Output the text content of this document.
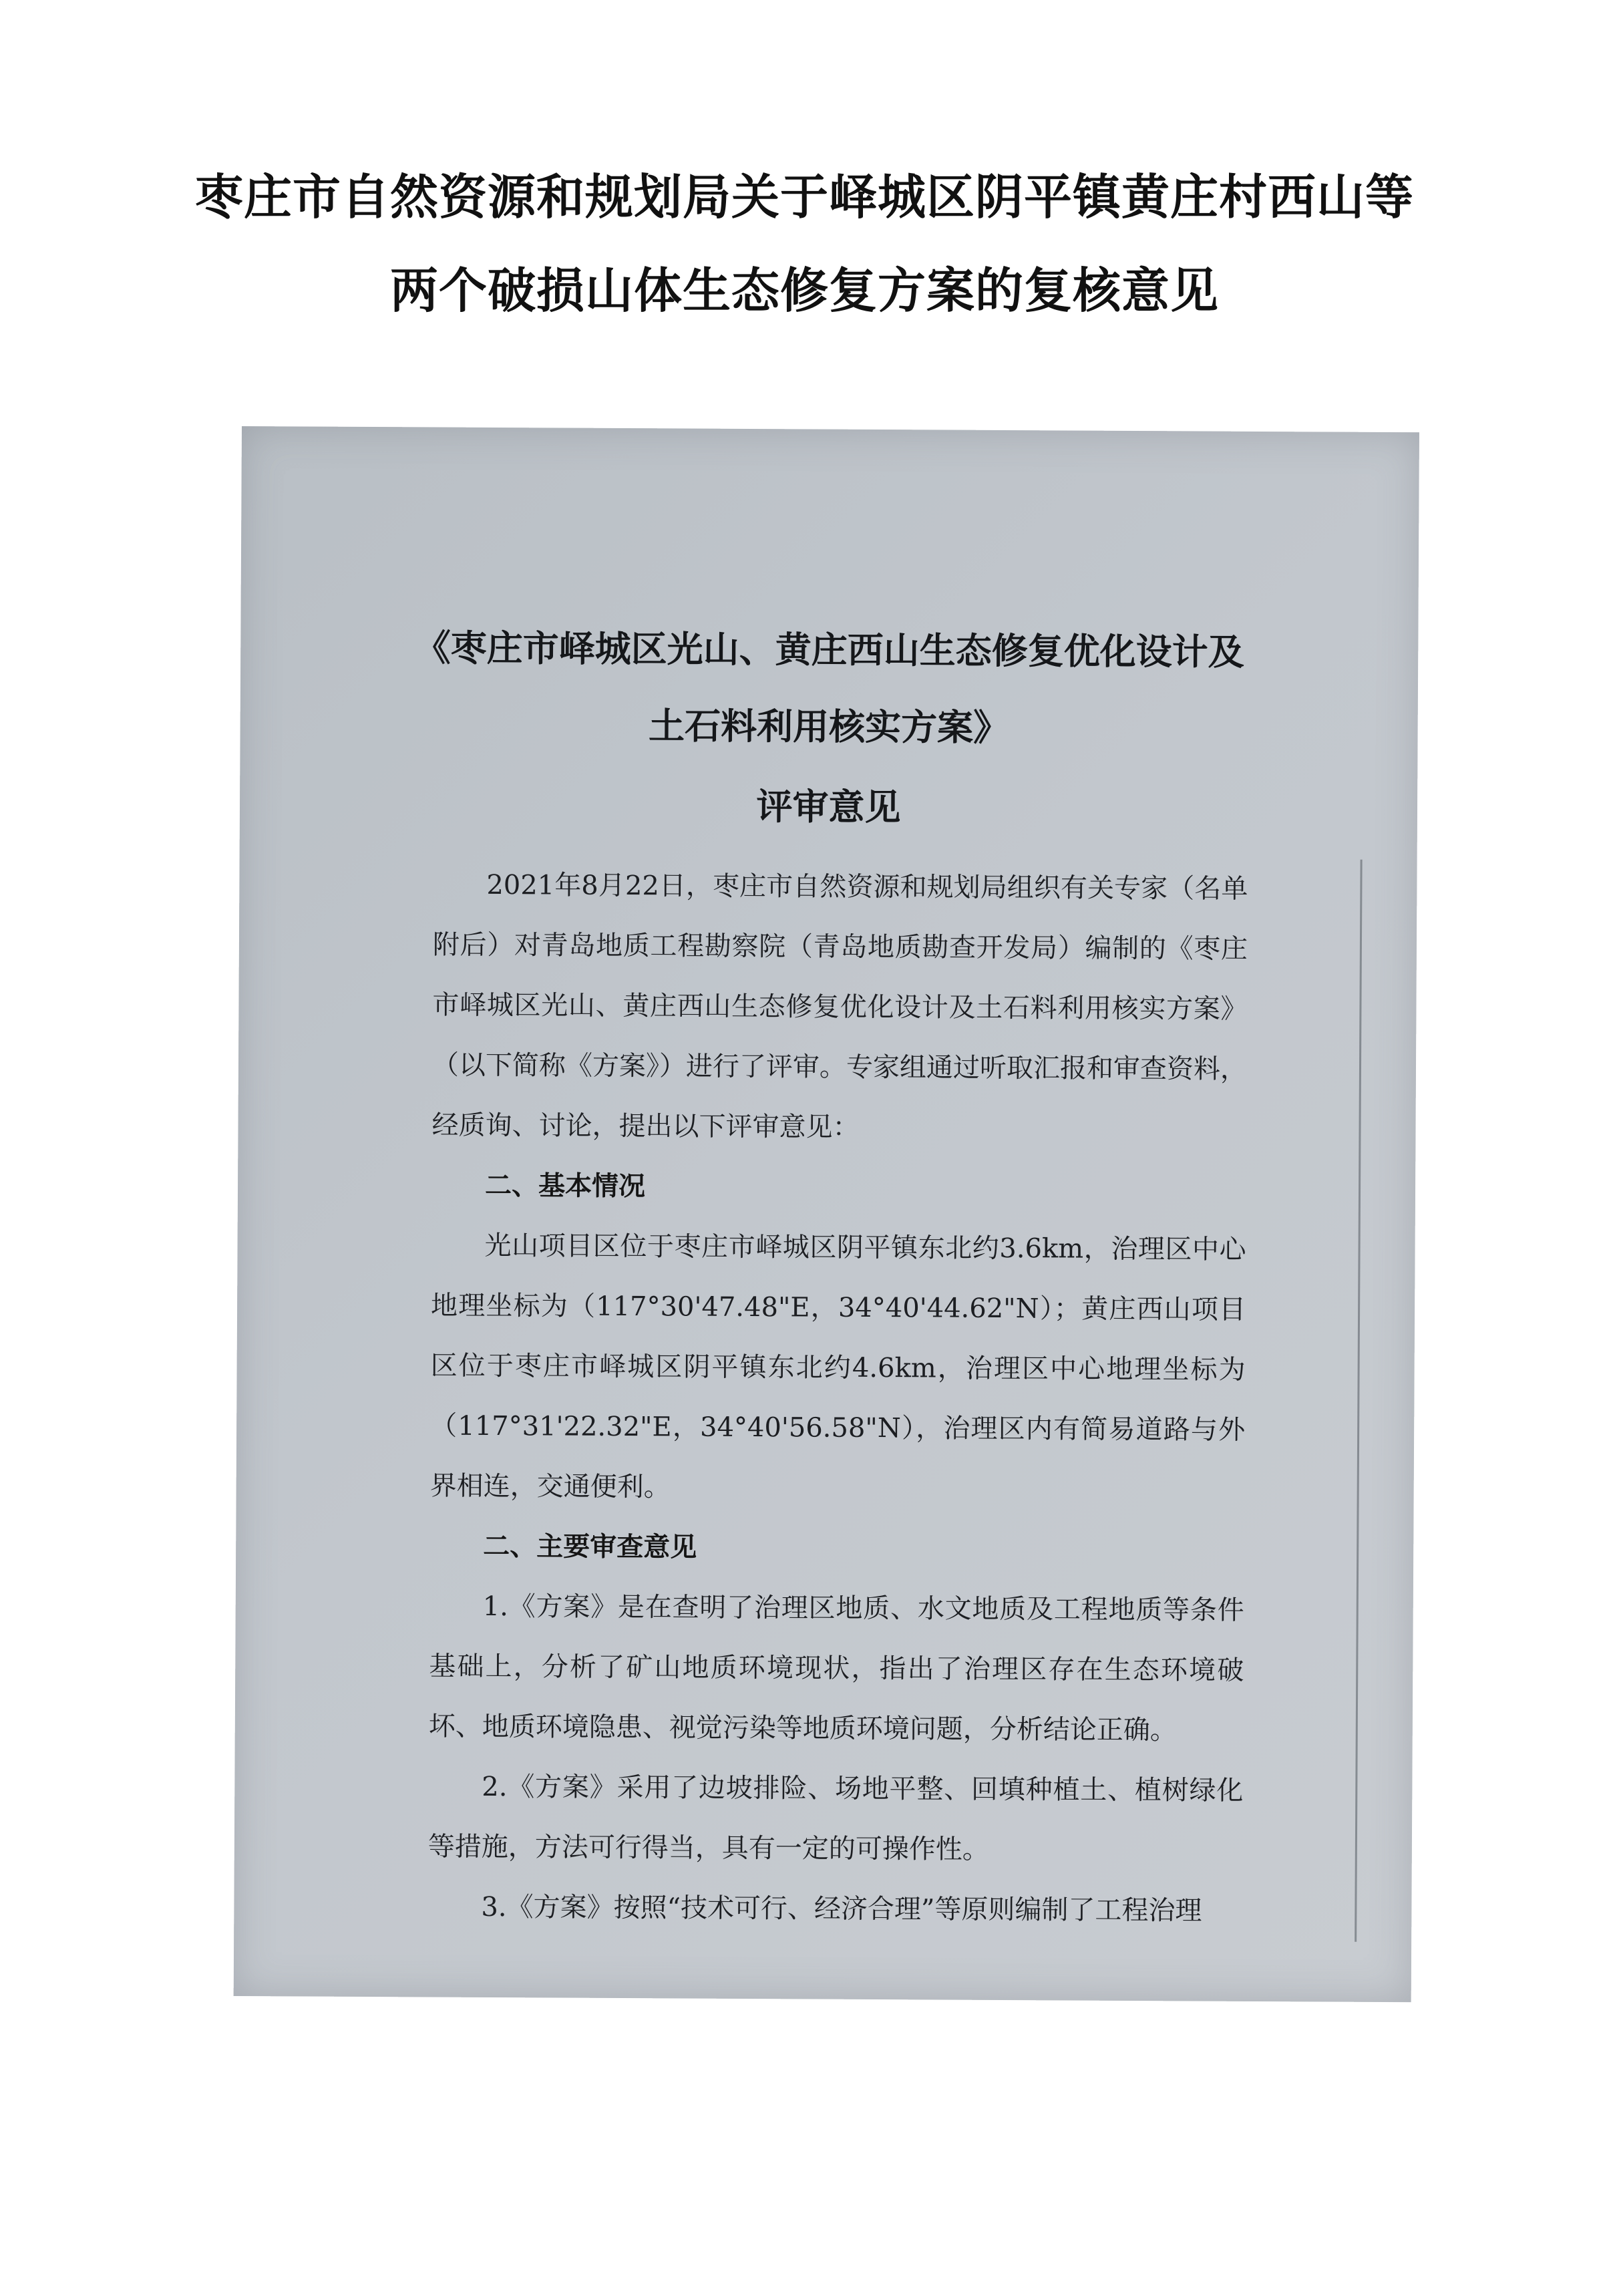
枣庄市自然资源和规划局关于峄城区阴平镇黄庄村西山等
两个破损山体生态修复方案的复核意见
《枣庄市峄城区光山、黄庄西山生态修复优化设计及
土石料利用核实方案》
评审意见
2021年8月22日，枣庄市自然资源和规划局组织有关专家（名单附后）对青岛地质工程勘察院（青岛地质勘查开发局）编制的《枣庄市峄城区光山、黄庄西山生态修复优化设计及土石料利用核实方案》（以下简称《方案》）进行了评审。专家组通过听取汇报和审查资料，经质询、讨论，提出以下评审意见：
二、基本情况
光山项目区位于枣庄市峄城区阴平镇东北约3.6km，治理区中心地理坐标为（117°30'47.48"E，34°40'44.62"N）；黄庄西山项目区位于枣庄市峄城区阴平镇东北约4.6km，治理区中心地理坐标为（117°31'22.32"E，34°40'56.58"N），治理区内有简易道路与外界相连，交通便利。
二、主要审查意见
1.《方案》是在查明了治理区地质、水文地质及工程地质等条件基础上，分析了矿山地质环境现状，指出了治理区存在生态环境破坏、地质环境隐患、视觉污染等地质环境问题，分析结论正确。
2.《方案》采用了边坡排险、场地平整、回填种植土、植树绿化等措施，方法可行得当，具有一定的可操作性。
3.《方案》按照“技术可行、经济合理”等原则编制了工程治理
